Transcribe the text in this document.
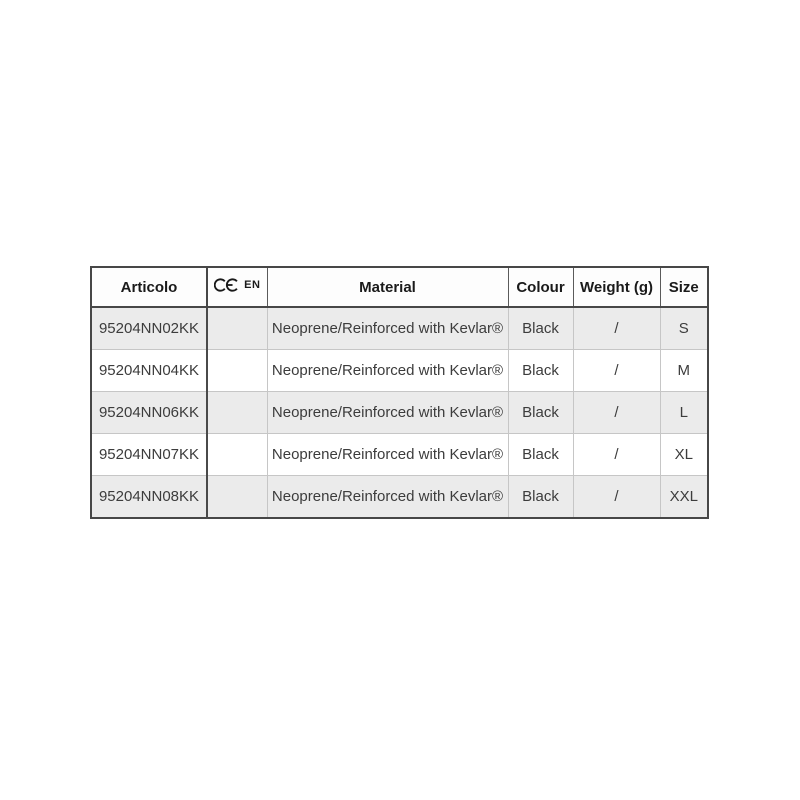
Articolo	EN	Material	Colour	Weight (g)	Size
95204NN02KK		Neoprene/Reinforced with Kevlar®	Black	/	S
95204NN04KK		Neoprene/Reinforced with Kevlar®	Black	/	M
95204NN06KK		Neoprene/Reinforced with Kevlar®	Black	/	L
95204NN07KK		Neoprene/Reinforced with Kevlar®	Black	/	XL
95204NN08KK		Neoprene/Reinforced with Kevlar®	Black	/	XXL
